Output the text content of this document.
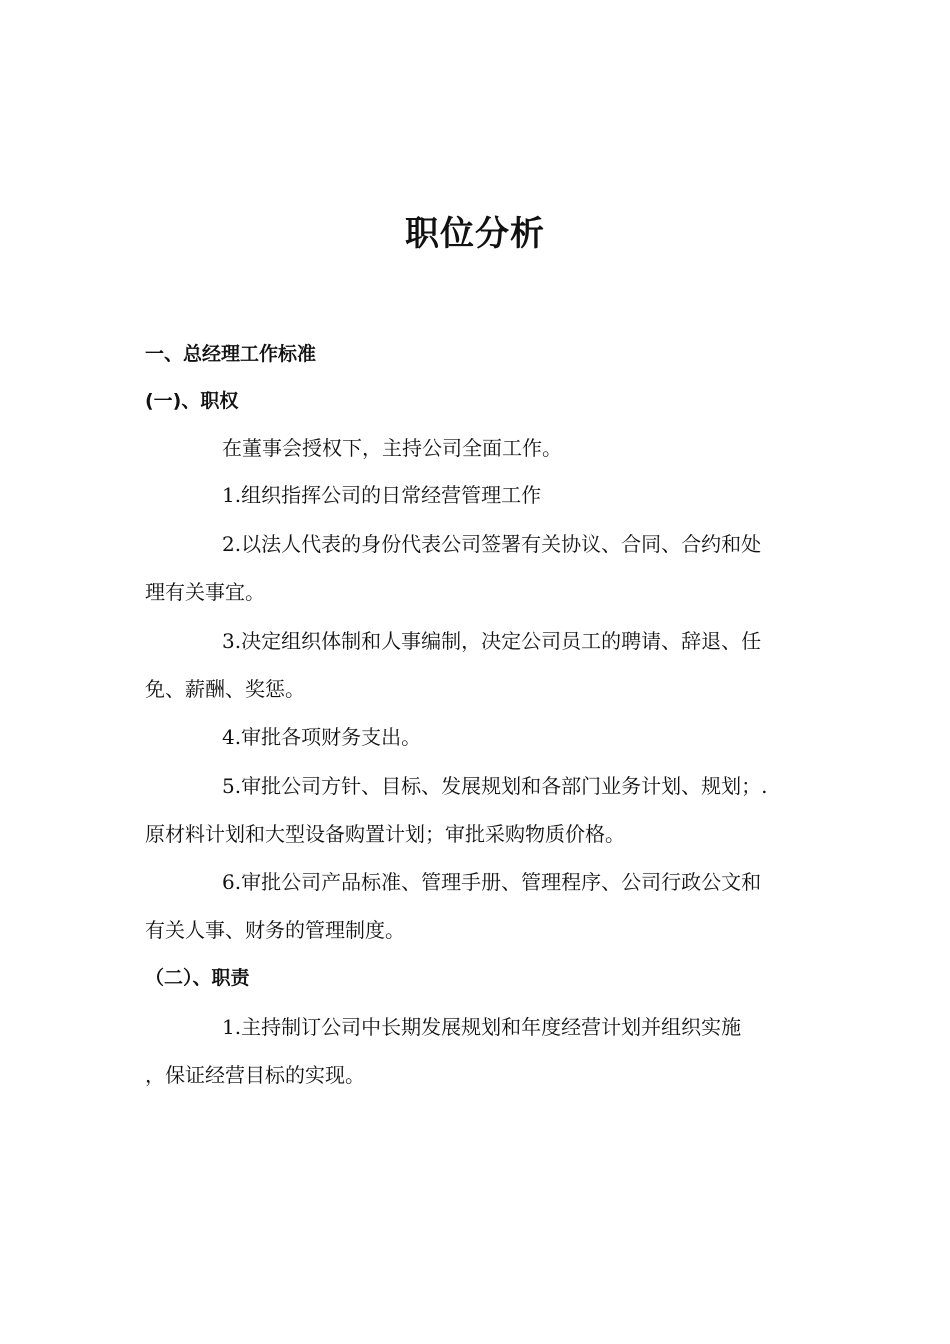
职位分析
一、总经理工作标准
(一)、职权
在董事会授权下，主持公司全面工作。
1.组织指挥公司的日常经营管理工作
2.以法人代表的身份代表公司签署有关协议、合同、合约和处
理有关事宜。
3.决定组织体制和人事编制，决定公司员工的聘请、辞退、任
免、薪酬、奖惩。
4.审批各项财务支出。
5.审批公司方针、目标、发展规划和各部门业务计划、规划；.
原材料计划和大型设备购置计划；审批采购物质价格。
6.审批公司产品标准、管理手册、管理程序、公司行政公文和
有关人事、财务的管理制度。
（二）、职责
1.主持制订公司中长期发展规划和年度经营计划并组织实施
，保证经营目标的实现。
